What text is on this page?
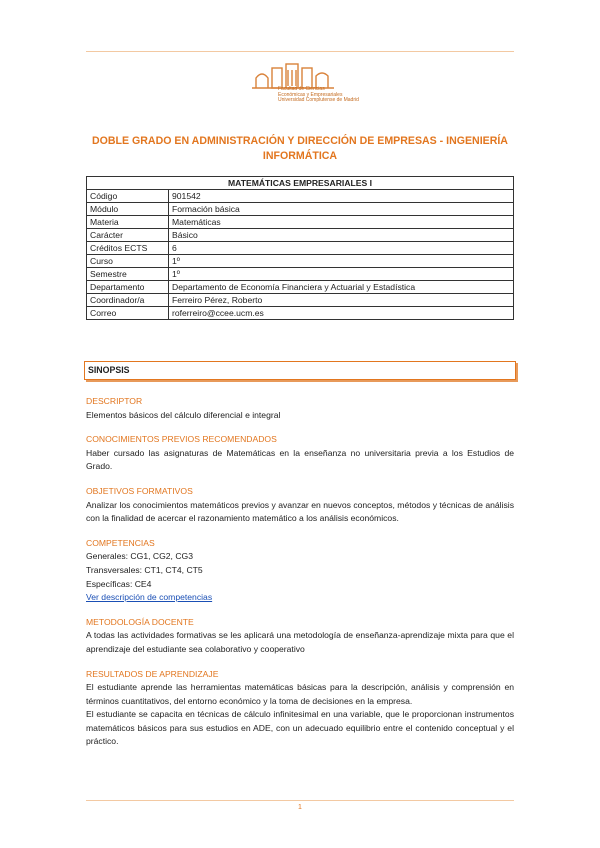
Facultad de Ciencias
Económicas y Empresariales
Universidad Complutense de Madrid
DOBLE GRADO EN ADMINISTRACIÓN Y DIRECCIÓN DE EMPRESAS - INGENIERÍA INFORMÁTICA
MATEMÁTICAS EMPRESARIALES I	
Código	901542
Módulo	Formación básica
Materia	Matemáticas
Carácter	Básico
Créditos ECTS	6
Curso	1º
Semestre	1º
Departamento	Departamento de Economía Financiera y Actuarial y Estadística
Coordinador/a	Ferreiro Pérez, Roberto
Correo	roferreiro@ccee.ucm.es
SINOPSIS
DESCRIPTOR
Elementos básicos del cálculo diferencial e integral
CONOCIMIENTOS PREVIOS RECOMENDADOS
Haber cursado las asignaturas de Matemáticas en la enseñanza no universitaria previa a los Estudios de Grado.
OBJETIVOS FORMATIVOS
Analizar los conocimientos matemáticos previos y avanzar en nuevos conceptos, métodos y técnicas de análisis con la finalidad de acercar el razonamiento matemático a los análisis económicos.
COMPETENCIAS

Generales: CG1, CG2, CG3

Transversales: CT1, CT4, CT5

Específicas: CE4

Ver descripción de competencias

METODOLOGÍA DOCENTE
A todas las actividades formativas se les aplicará una metodología de enseñanza-aprendizaje mixta para que el aprendizaje del estudiante sea colaborativo y cooperativo
RESULTADOS DE APRENDIZAJE

El estudiante aprende las herramientas matemáticas básicas para la descripción, análisis y comprensión en términos cuantitativos, del entorno económico y la toma de decisiones en la empresa.

El estudiante se capacita en técnicas de cálculo infinitesimal en una variable, que le proporcionan instrumentos matemáticos básicos para sus estudios en ADE, con un adecuado equilibrio entre el contenido conceptual y el práctico.

1
